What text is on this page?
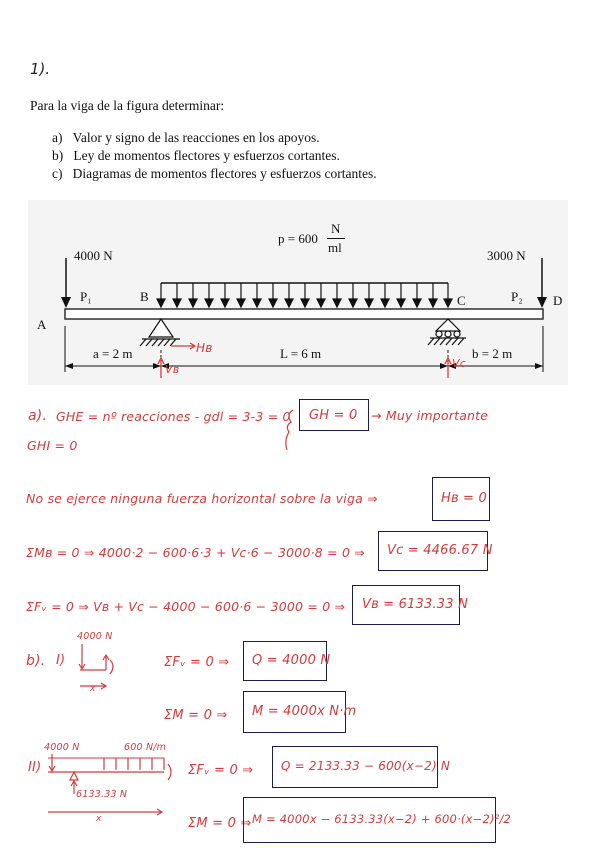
1).
Para la viga de la figura determinar:
a) Valor y signo de las reacciones en los apoyos.
b) Ley de momentos flectores y esfuerzos cortantes.
c) Diagramas de momentos flectores y esfuerzos cortantes.
p = 600
N
ml
4000 N	3000 N
P₁	P₂
A
B	C	D
a = 2 m	L = 6 m	b = 2 m
Hʙ
Vʙ	Vc
a). GHE = nº reacciones - gdl = 3-3 = 0 GH = 0 → Muy importante
GHI = 0
No se ejerce ninguna fuerza horizontal sobre la viga ⇒	Hʙ = 0
ΣMʙ = 0 ⇒ 4000·2 − 600·6·3 + Vc·6 − 3000·8 = 0 ⇒ Vc = 4466.67 N
ΣFᵥ = 0 ⇒ Vʙ + Vc − 4000 − 600·6 − 3000 = 0 ⇒ Vʙ = 6133.33 N
b). I)
4000 N
x
ΣFᵥ = 0 ⇒ Q = 4000 N
ΣM = 0 ⇒ M = 4000x N·m
4000 N	600 N/m
II)
6133.33 N
x
ΣFᵥ = 0 ⇒ Q = 2133.33 − 600(x−2) N
ΣM = 0 ⇒ M = 4000x − 6133.33(x−2) + 600·(x−2)²/2
